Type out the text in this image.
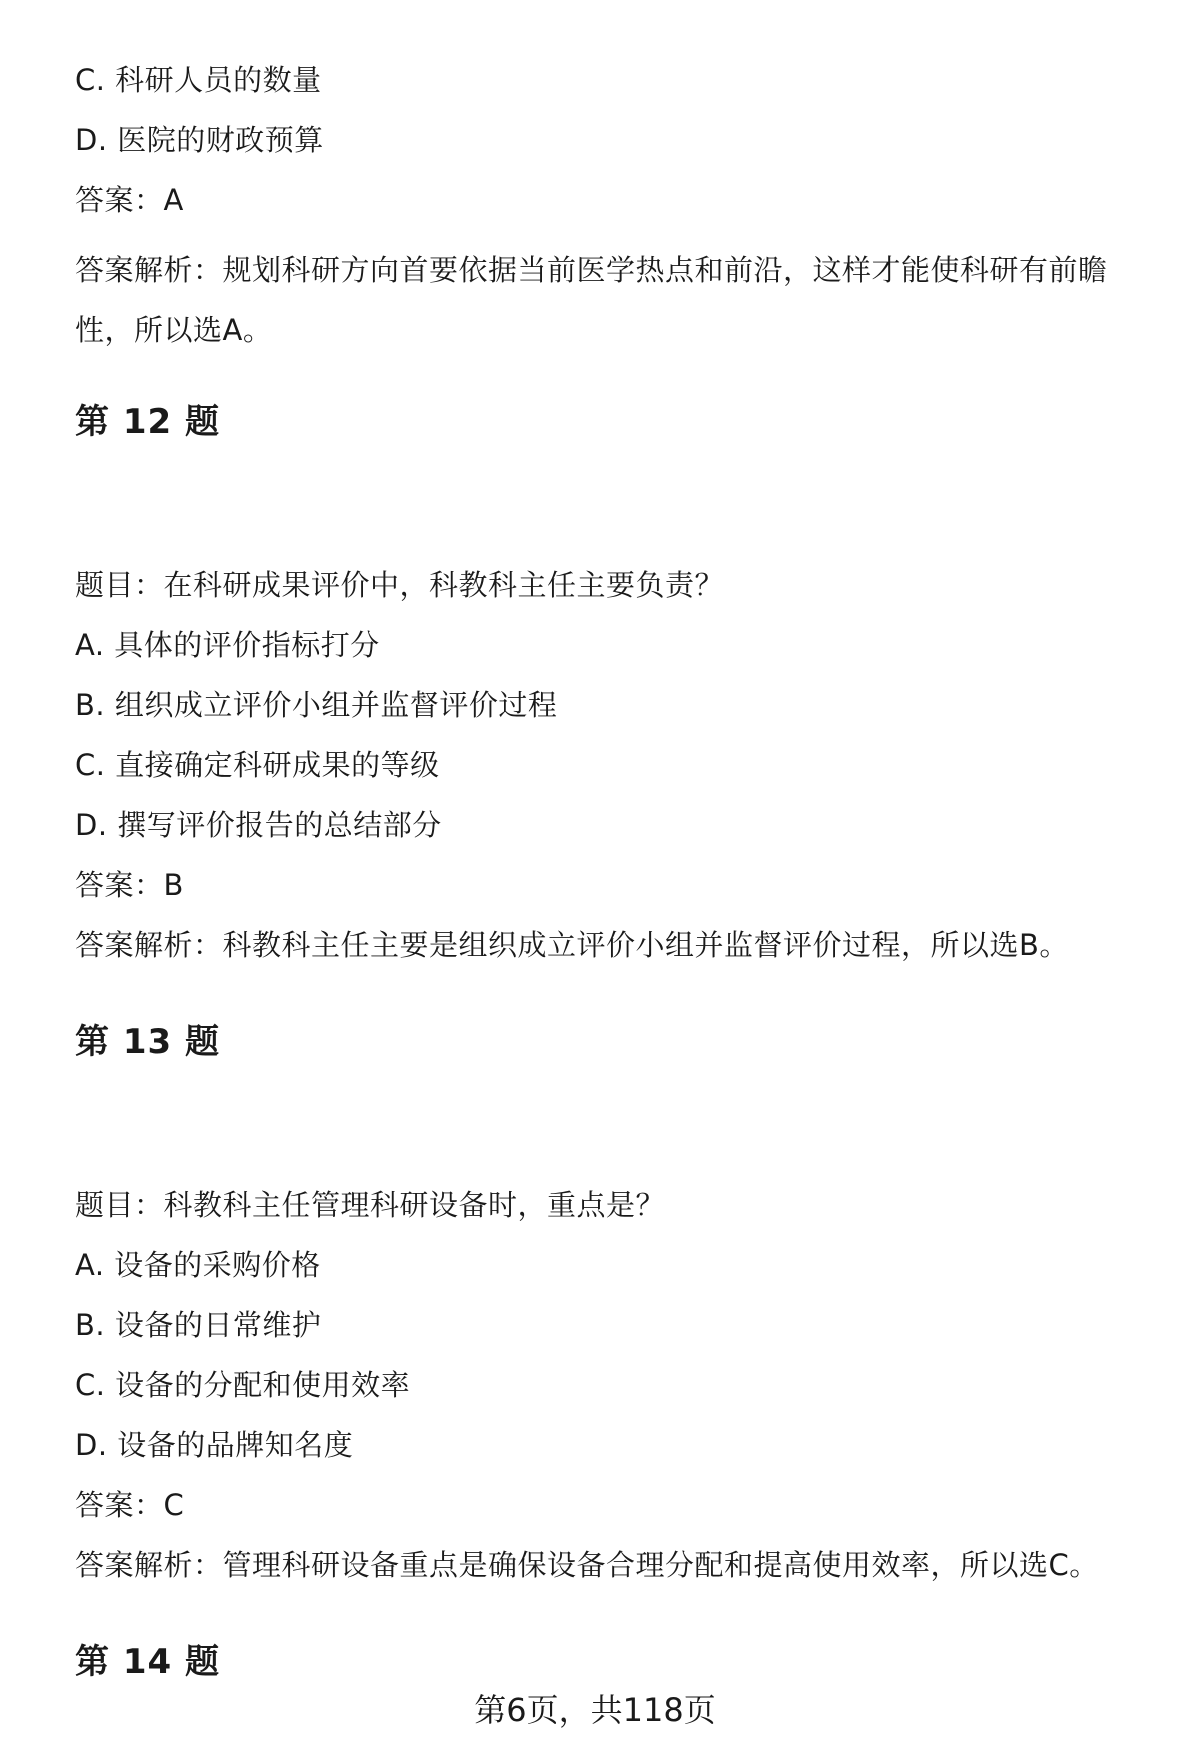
C. 科研人员的数量
D. 医院的财政预算
答案：A
答案解析：规划科研方向首要依据当前医学热点和前沿，这样才能使科研有前瞻性，所以选A。
第 12 题
题目：在科研成果评价中，科教科主任主要负责？
A. 具体的评价指标打分
B. 组织成立评价小组并监督评价过程
C. 直接确定科研成果的等级
D. 撰写评价报告的总结部分
答案：B
答案解析：科教科主任主要是组织成立评价小组并监督评价过程，所以选B。
第 13 题
题目：科教科主任管理科研设备时，重点是？
A. 设备的采购价格
B. 设备的日常维护
C. 设备的分配和使用效率
D. 设备的品牌知名度
答案：C
答案解析：管理科研设备重点是确保设备合理分配和提高使用效率，所以选C。
第 14 题
第6页，共118页
